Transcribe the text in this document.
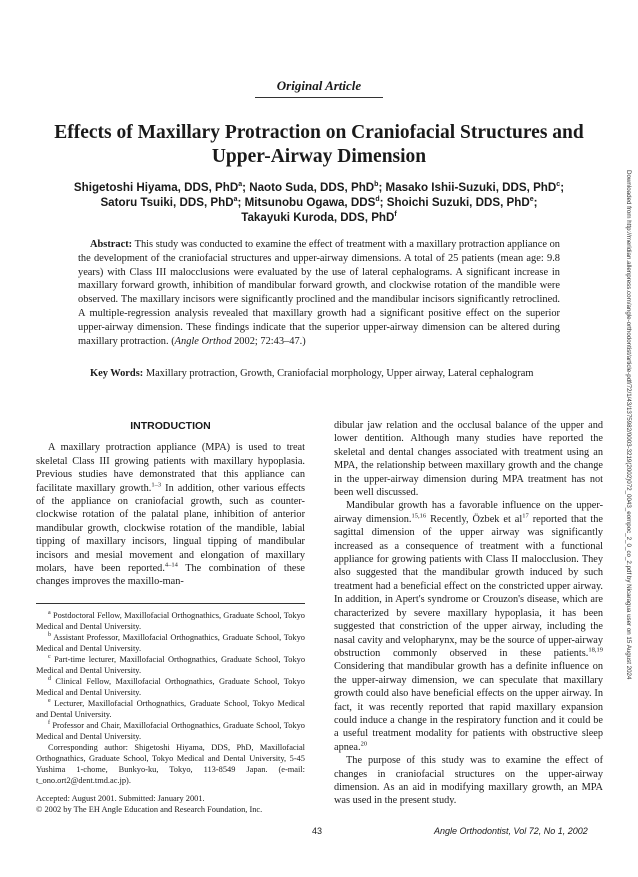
Original Article
Effects of Maxillary Protraction on Craniofacial Structures and
Upper-Airway Dimension
Shigetoshi Hiyama, DDS, PhD$^a$; Naoto Suda, DDS, PhD$^b$; Masako Ishii-Suzuki, DDS, PhD$^c$;
Satoru Tsuiki, DDS, PhD$^a$; Mitsunobu Ogawa, DDS$^d$; Shoichi Suzuki, DDS, PhD$^e$;
Takayuki Kuroda, DDS, PhD$^f$
Abstract: This study was conducted to examine the effect of treatment with a maxillary protraction appliance on the development of the craniofacial structures and upper-airway dimensions. A total of 25 patients (mean age: 9.8 years) with Class III malocclusions were evaluated by the use of lateral cephalograms. A significant increase in maxillary forward growth, inhibition of mandibular forward growth, and clockwise rotation of the mandible were observed. The maxillary incisors were significantly proclined and the mandibular incisors significantly retroclined. A multiple-regression analysis revealed that maxillary growth had a significant positive effect on the superior upper-airway dimension. These findings indicate that the superior upper-airway dimension can be altered during maxillary protraction. (Angle Orthod 2002; 72:43–47.)
Key Words: Maxillary protraction, Growth, Craniofacial morphology, Upper airway, Lateral cephalogram
INTRODUCTION

A maxillary protraction appliance (MPA) is used to treat skeletal Class III growing patients with maxillary hypoplasia. Previous studies have demonstrated that this appliance can facilitate maxillary growth.$^{1-3}$ In addition, other various effects of the appliance on craniofacial growth, such as counter-clockwise rotation of the palatal plane, inhibition of anterior mandibular growth, clockwise rotation of the mandible, labial tipping of maxillary incisors, lingual tipping of mandibular incisors and mesial movement and elongation of maxillary molars, have been reported.$^{4-14}$ The combination of these changes improves the maxillo-man-

$^a$ Postdoctoral Fellow, Maxillofacial Orthognathics, Graduate School, Tokyo Medical and Dental University.

$^b$ Assistant Professor, Maxillofacial Orthognathics, Graduate School, Tokyo Medical and Dental University.

$^c$ Part-time lecturer, Maxillofacial Orthognathics, Graduate School, Tokyo Medical and Dental University.

$^d$ Clinical Fellow, Maxillofacial Orthognathics, Graduate School, Tokyo Medical and Dental University.

$^e$ Lecturer, Maxillofacial Orthognathics, Graduate School, Tokyo Medical and Dental University.

$^f$ Professor and Chair, Maxillofacial Orthognathics, Graduate School, Tokyo Medical and Dental University.

Corresponding author: Shigetoshi Hiyama, DDS, PhD, Maxillofacial Orthognathics, Graduate School, Tokyo Medical and Dental University, 5-45 Yushima 1-chome, Bunkyo-ku, Tokyo, 113-8549 Japan. (e-mail: t_ono.ort2@dent.tmd.ac.jp).

Accepted: August 2001. Submitted: January 2001.
© 2002 by The EH Angle Education and Research Foundation, Inc.

dibular jaw relation and the occlusal balance of the upper and lower dentition. Although many studies have reported the skeletal and dental changes associated with treatment using an MPA, the relationship between maxillary growth and the change in the upper-airway dimension during MPA treatment has not been well discussed.

Mandibular growth has a favorable influence on the upper-airway dimension.$^{15,16}$ Recently, Özbek et $al^{17}$ reported that the sagittal dimension of the upper airway was significantly increased as a consequence of treatment with a functional appliance for growing patients with Class II malocclusion. They also suggested that the mandibular growth induced by such treatment had a beneficial effect on the constricted upper airway. In addition, in Apert's syndrome or Crouzon's disease, which are characterized by severe maxillary hypoplasia, it has been suggested that constriction of the upper airway, including the nasal cavity and velopharynx, may be the source of upper-airway obstruction commonly observed in these patients.$^{18,19}$ Considering that mandibular growth has a definite influence on the upper-airway dimension, we can speculate that maxillary growth could also have beneficial effects on the upper airway. In fact, it was recently reported that rapid maxillary expansion could induce a change in the respiratory function and it could be a useful treatment modality for patients with obstructive sleep apnea.$^{20}$

The purpose of this study was to examine the effect of changes in craniofacial structures on the upper-airway dimension. As an aid in modifying maxillary growth, an MPA was used in the present study.

Downloaded from http://meridian.allenpress.com/angle-orthodontist/article-pdf/72/1/43/1375982/0003-3219(2002)072_0043_eompoc_2_0_co_2.pdf by Nicaragua user on 15 August 2024
43	Angle Orthodontist, Vol 72, No 1, 2002
